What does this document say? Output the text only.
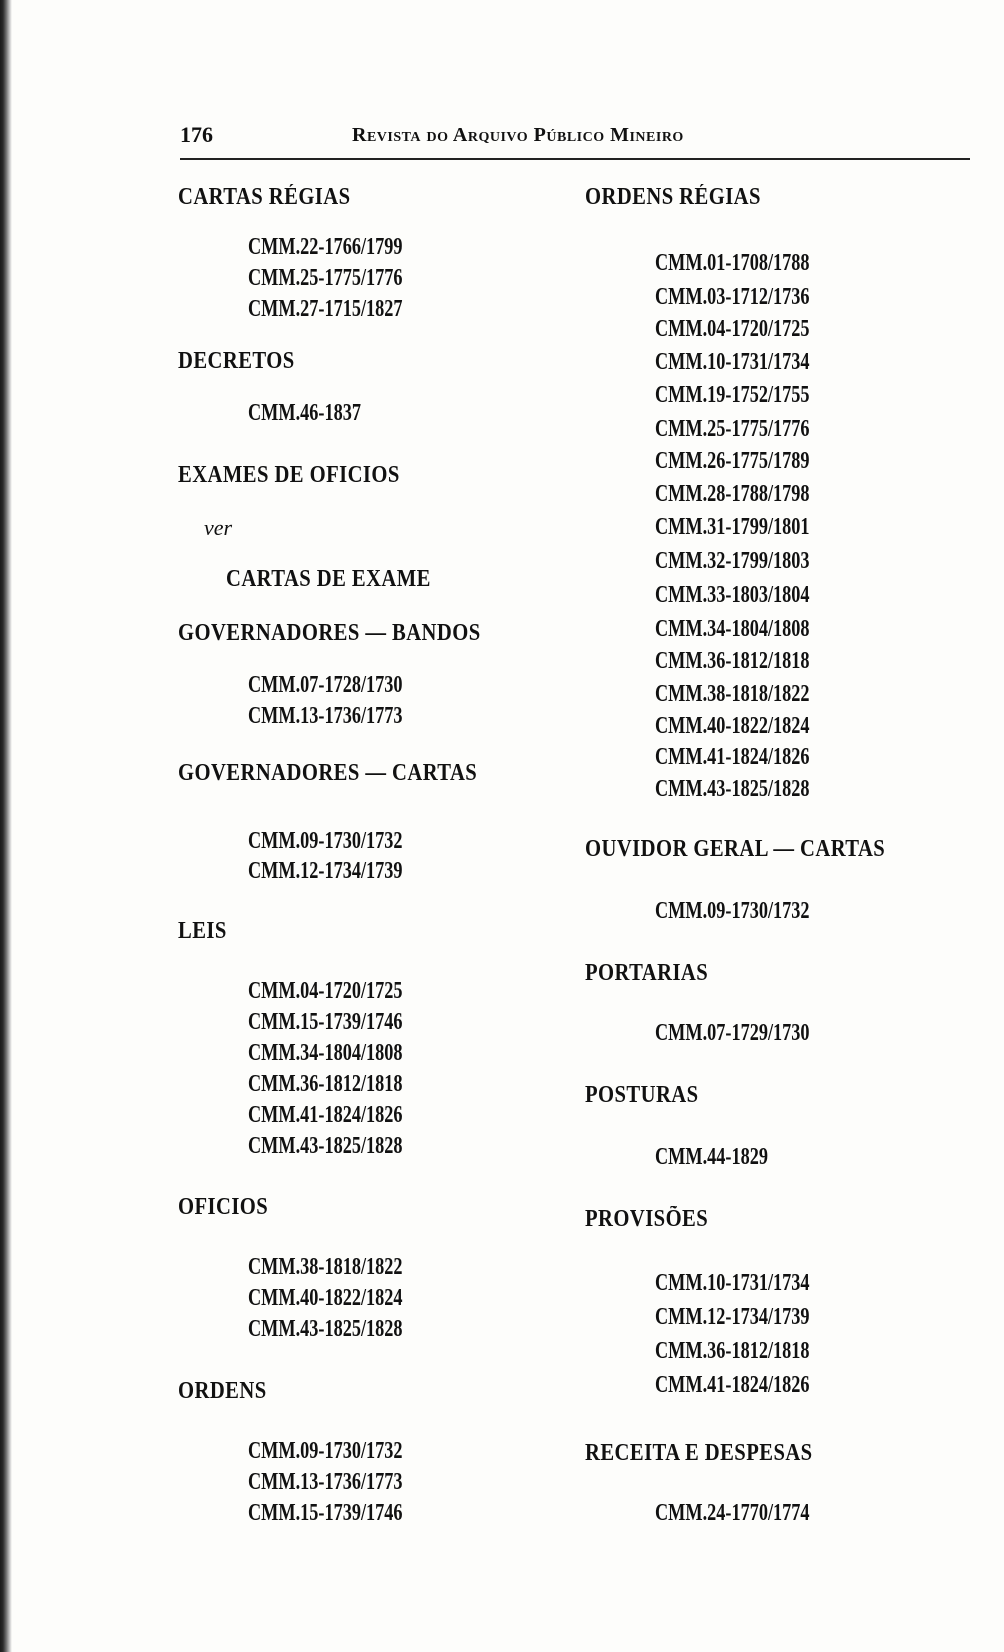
176	Revista do Arquivo Público Mineiro
CARTAS RÉGIAS
CMM.22-1766/1799
CMM.25-1775/1776
CMM.27-1715/1827
DECRETOS
CMM.46-1837
EXAMES DE OFICIOS
ver
CARTAS DE EXAME
GOVERNADORES — BANDOS
CMM.07-1728/1730
CMM.13-1736/1773
GOVERNADORES — CARTAS
CMM.09-1730/1732
CMM.12-1734/1739
LEIS
CMM.04-1720/1725
CMM.15-1739/1746
CMM.34-1804/1808
CMM.36-1812/1818
CMM.41-1824/1826
CMM.43-1825/1828
OFICIOS
CMM.38-1818/1822
CMM.40-1822/1824
CMM.43-1825/1828
ORDENS
CMM.09-1730/1732
CMM.13-1736/1773
CMM.15-1739/1746
ORDENS RÉGIAS
CMM.01-1708/1788
CMM.03-1712/1736
CMM.04-1720/1725
CMM.10-1731/1734
CMM.19-1752/1755
CMM.25-1775/1776
CMM.26-1775/1789
CMM.28-1788/1798
CMM.31-1799/1801
CMM.32-1799/1803
CMM.33-1803/1804
CMM.34-1804/1808
CMM.36-1812/1818
CMM.38-1818/1822
CMM.40-1822/1824
CMM.41-1824/1826
CMM.43-1825/1828
OUVIDOR GERAL — CARTAS
CMM.09-1730/1732
PORTARIAS
CMM.07-1729/1730
POSTURAS
CMM.44-1829
PROVISÕES
CMM.10-1731/1734
CMM.12-1734/1739
CMM.36-1812/1818
CMM.41-1824/1826
RECEITA E DESPESAS
CMM.24-1770/1774
